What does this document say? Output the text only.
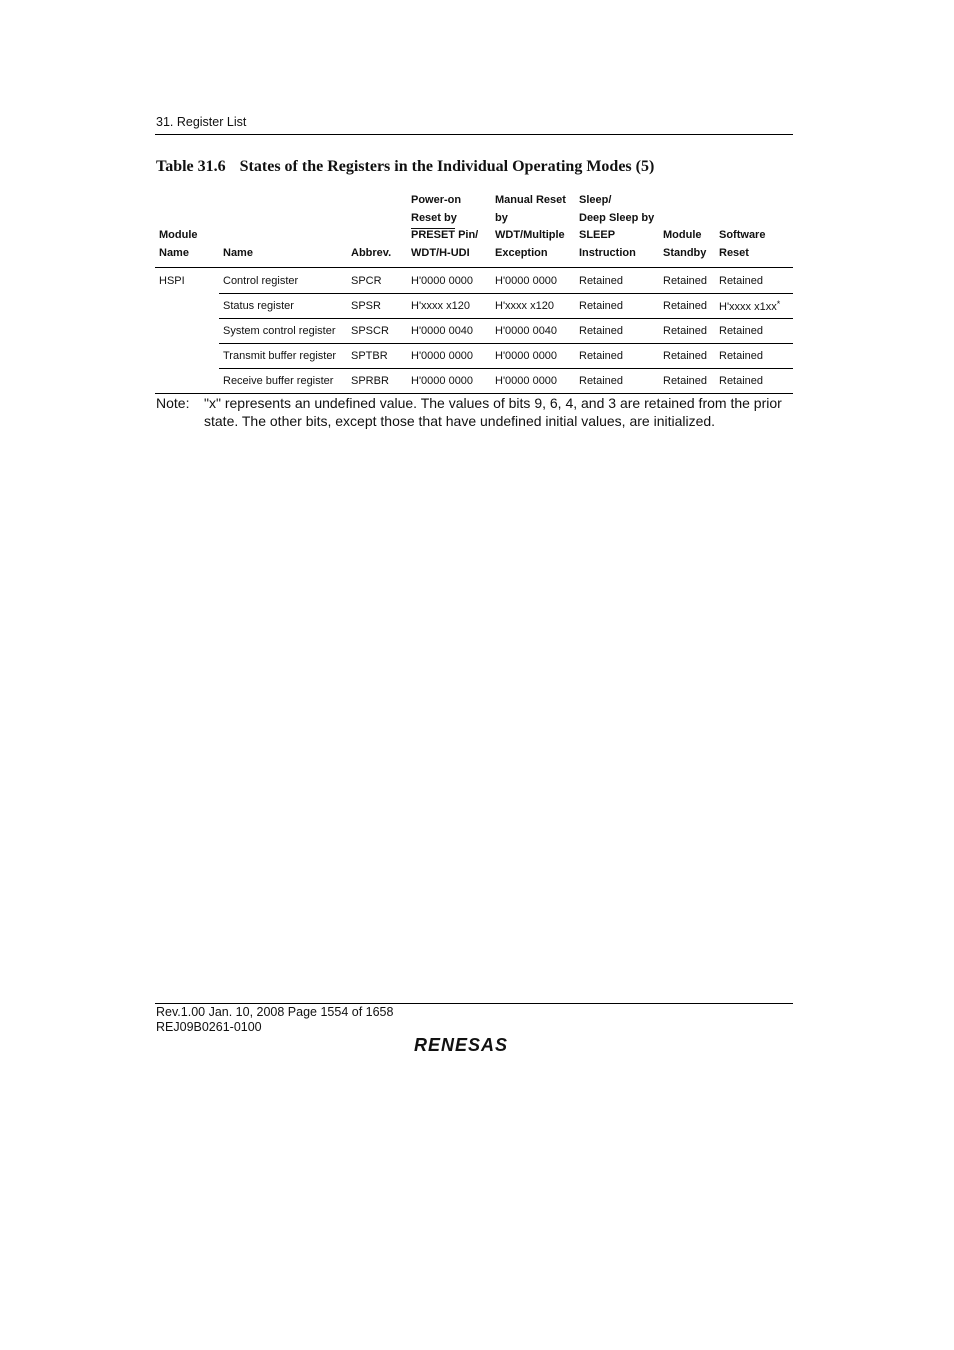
31. Register List
Table 31.6 States of the Registers in the Individual Operating Modes (5)
Module
Name	Name	Abbrev.	Power-on
Reset by
PRESET Pin/
WDT/H-UDI	Manual Reset
by
WDT/Multiple
Exception	Sleep/
Deep Sleep by
SLEEP
Instruction	Module
Standby	Software
Reset
HSPI	Control register	SPCR	H'0000 0000	H'0000 0000	Retained	Retained	Retained
	Status register	SPSR	H'xxxx x120	H'xxxx x120	Retained	Retained	H'xxxx x1xx*
	System control register	SPSCR	H'0000 0040	H'0000 0040	Retained	Retained	Retained
	Transmit buffer register	SPTBR	H'0000 0000	H'0000 0000	Retained	Retained	Retained
	Receive buffer register	SPRBR	H'0000 0000	H'0000 0000	Retained	Retained	Retained
Note: "x" represents an undefined value. The values of bits 9, 6, 4, and 3 are retained from the prior state. The other bits, except those that have undefined initial values, are initialized.
Rev.1.00 Jan. 10, 2008 Page 1554 of 1658
REJ09B0261-0100
RENESAS
